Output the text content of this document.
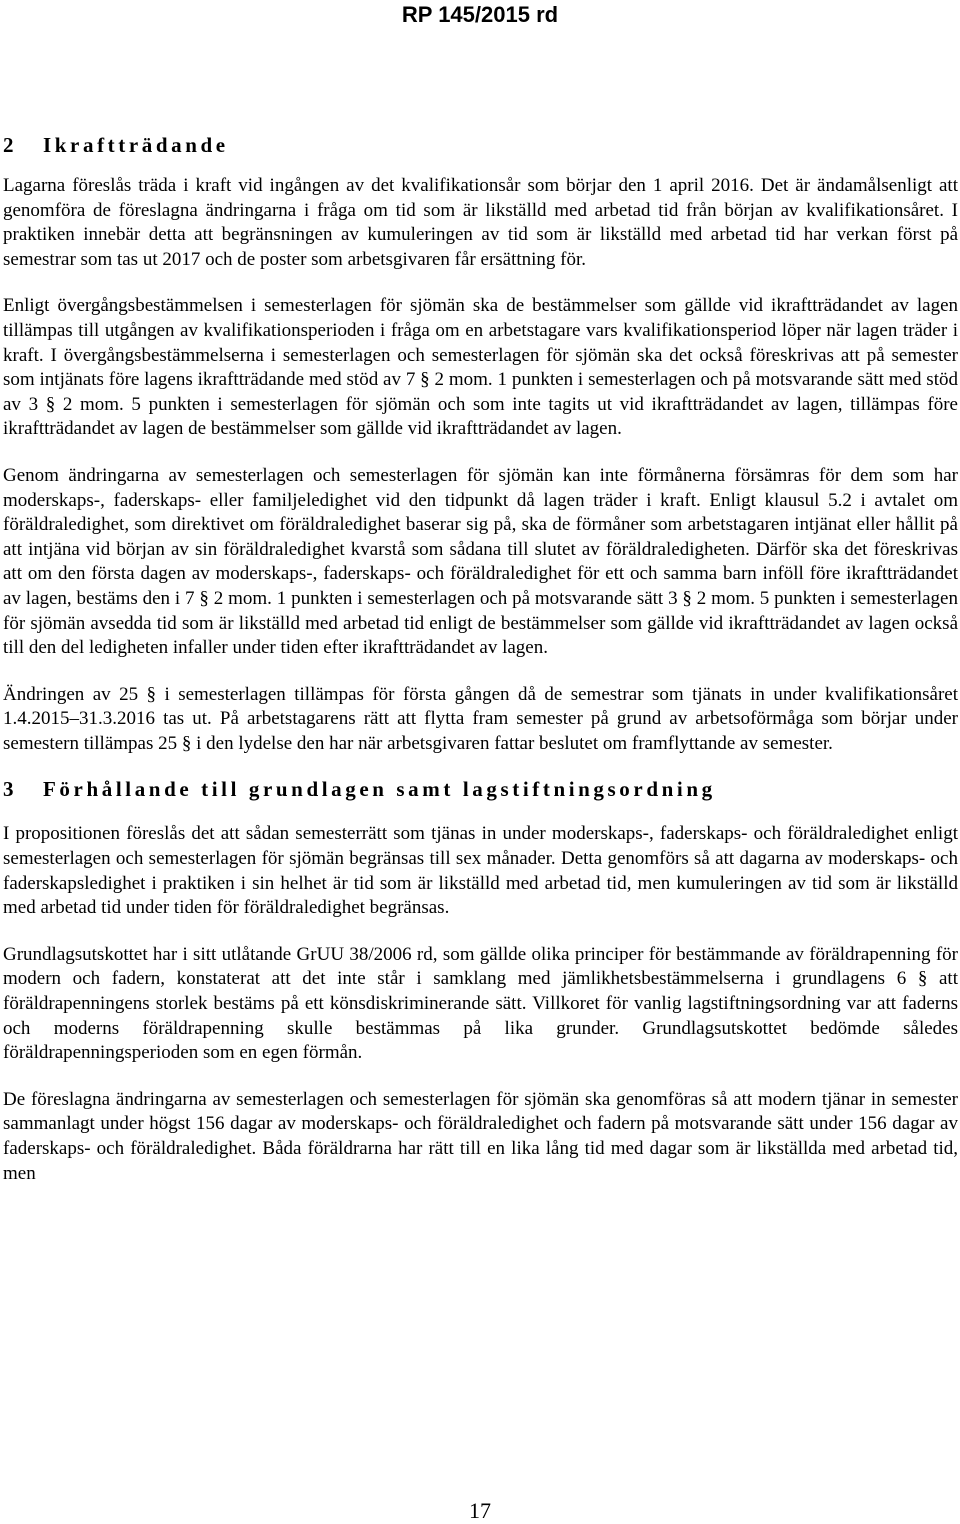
RP 145/2015 rd
2 Ikraftträdande

Lagarna föreslås träda i kraft vid ingången av det kvalifikationsår som börjar den 1 april 2016. Det är ändamålsenligt att genomföra de föreslagna ändringarna i fråga om tid som är likställd med arbetad tid från början av kvalifikationsåret. I praktiken innebär detta att begränsningen av kumuleringen av tid som är likställd med arbetad tid har verkan först på semestrar som tas ut 2017 och de poster som arbetsgivaren får ersättning för.

Enligt övergångsbestämmelsen i semesterlagen för sjömän ska de bestämmelser som gällde vid ikraftträdandet av lagen tillämpas till utgången av kvalifikationsperioden i fråga om en arbetstagare vars kvalifikationsperiod löper när lagen träder i kraft. I övergångsbestämmelserna i semesterlagen och semesterlagen för sjömän ska det också föreskrivas att på semester som intjänats före lagens ikraftträdande med stöd av 7 § 2 mom. 1 punkten i semesterlagen och på motsvarande sätt med stöd av 3 § 2 mom. 5 punkten i semesterlagen för sjömän och som inte tagits ut vid ikraftträdandet av lagen, tillämpas före ikraftträdandet av lagen de bestämmelser som gällde vid ikraftträdandet av lagen.

Genom ändringarna av semesterlagen och semesterlagen för sjömän kan inte förmånerna försämras för dem som har moderskaps-, faderskaps- eller familjeledighet vid den tidpunkt då lagen träder i kraft. Enligt klausul 5.2 i avtalet om föräldraledighet, som direktivet om föräldraledighet baserar sig på, ska de förmåner som arbetstagaren intjänat eller hållit på att intjäna vid början av sin föräldraledighet kvarstå som sådana till slutet av föräldraledigheten. Därför ska det föreskrivas att om den första dagen av moderskaps-, faderskaps- och föräldraledighet för ett och samma barn inföll före ikraftträdandet av lagen, bestäms den i 7 § 2 mom. 1 punkten i semesterlagen och på motsvarande sätt 3 § 2 mom. 5 punkten i semesterlagen för sjömän avsedda tid som är likställd med arbetad tid enligt de bestämmelser som gällde vid ikraftträdandet av lagen också till den del ledigheten infaller under tiden efter ikraftträdandet av lagen.

Ändringen av 25 § i semesterlagen tillämpas för första gången då de semestrar som tjänats in under kvalifikationsåret 1.4.2015–31.3.2016 tas ut. På arbetstagarens rätt att flytta fram semester på grund av arbetsoförmåga som börjar under semestern tillämpas 25 § i den lydelse den har när arbetsgivaren fattar beslutet om framflyttande av semester.

3 Förhållande till grundlagen samt lagstiftningsordning

I propositionen föreslås det att sådan semesterrätt som tjänas in under moderskaps-, faderskaps- och föräldraledighet enligt semesterlagen och semesterlagen för sjömän begränsas till sex månader. Detta genomförs så att dagarna av moderskaps- och faderskapsledighet i praktiken i sin helhet är tid som är likställd med arbetad tid, men kumuleringen av tid som är likställd med arbetad tid under tiden för föräldraledighet begränsas.

Grundlagsutskottet har i sitt utlåtande GrUU 38/2006 rd, som gällde olika principer för bestämmande av föräldrapenning för modern och fadern, konstaterat att det inte står i samklang med jämlikhetsbestämmelserna i grundlagens 6 § att föräldrapenningens storlek bestäms på ett könsdiskriminerande sätt. Villkoret för vanlig lagstiftningsordning var att faderns och moderns föräldrapenning skulle bestämmas på lika grunder. Grundlagsutskottet bedömde således föräldrapenningsperioden som en egen förmån.

De föreslagna ändringarna av semesterlagen och semesterlagen för sjömän ska genomföras så att modern tjänar in semester sammanlagt under högst 156 dagar av moderskaps- och föräldraledighet och fadern på motsvarande sätt under 156 dagar av faderskaps- och föräldraledighet. Båda föräldrarna har rätt till en lika lång tid med dagar som är likställda med arbetad tid, men

17
